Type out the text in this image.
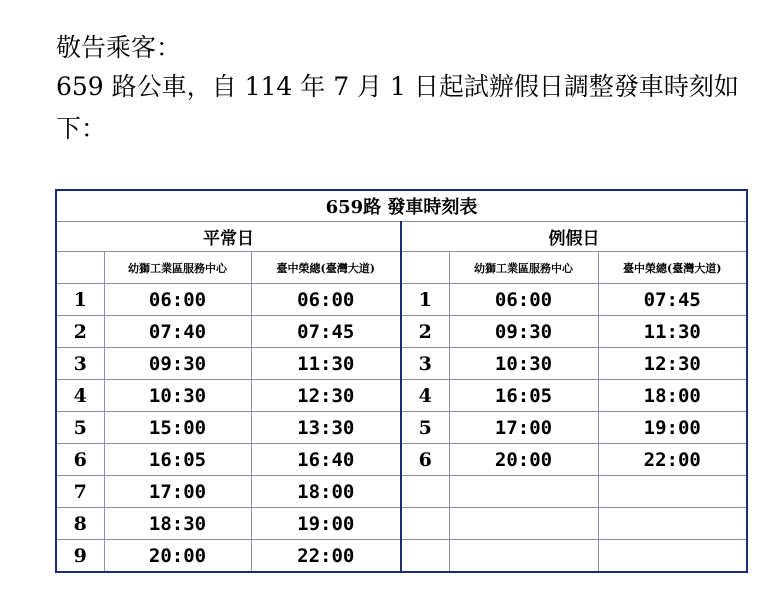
敬告乘客：
659 路公車，自 114 年 7 月 1 日起試辦假日調整發車時刻如
下：
659路 發車時刻表					
平常日			例假日		
	幼獅工業區服務中心	臺中榮總(臺灣大道)		幼獅工業區服務中心	臺中榮總(臺灣大道)
1	06:00	06:00	1	06:00	07:45
2	07:40	07:45	2	09:30	11:30
3	09:30	11:30	3	10:30	12:30
4	10:30	12:30	4	16:05	18:00
5	15:00	13:30	5	17:00	19:00
6	16:05	16:40	6	20:00	22:00
7	17:00	18:00			
8	18:30	19:00			
9	20:00	22:00			
